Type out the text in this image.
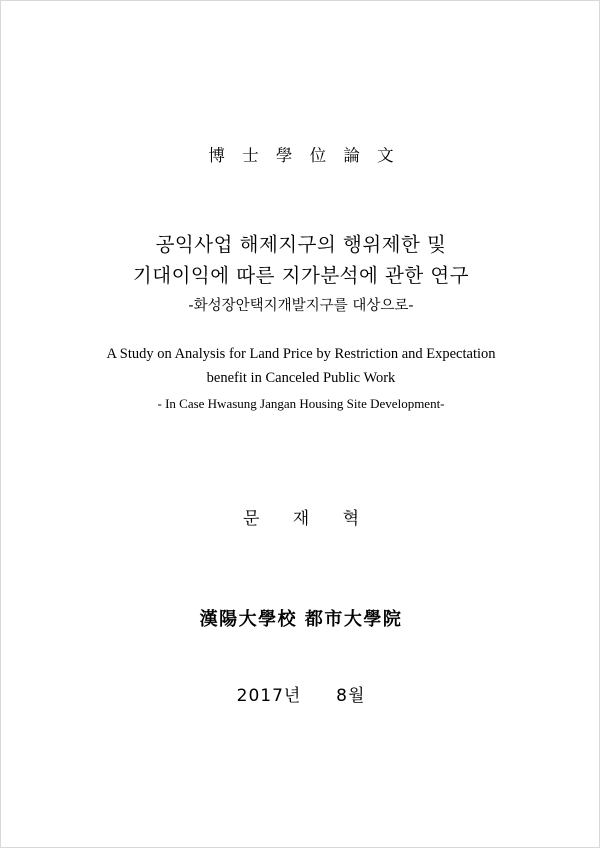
博 士 學 位 論 文
공익사업 해제지구의 행위제한 및
기대이익에 따른 지가분석에 관한 연구
-화성장안택지개발지구를 대상으로-
A Study on Analysis for Land Price by Restriction and Expectation
benefit in Canceled Public Work
- In Case Hwasung Jangan Housing Site Development-
문 재 혁
漢陽大學校 都市大學院
2017년 8월
